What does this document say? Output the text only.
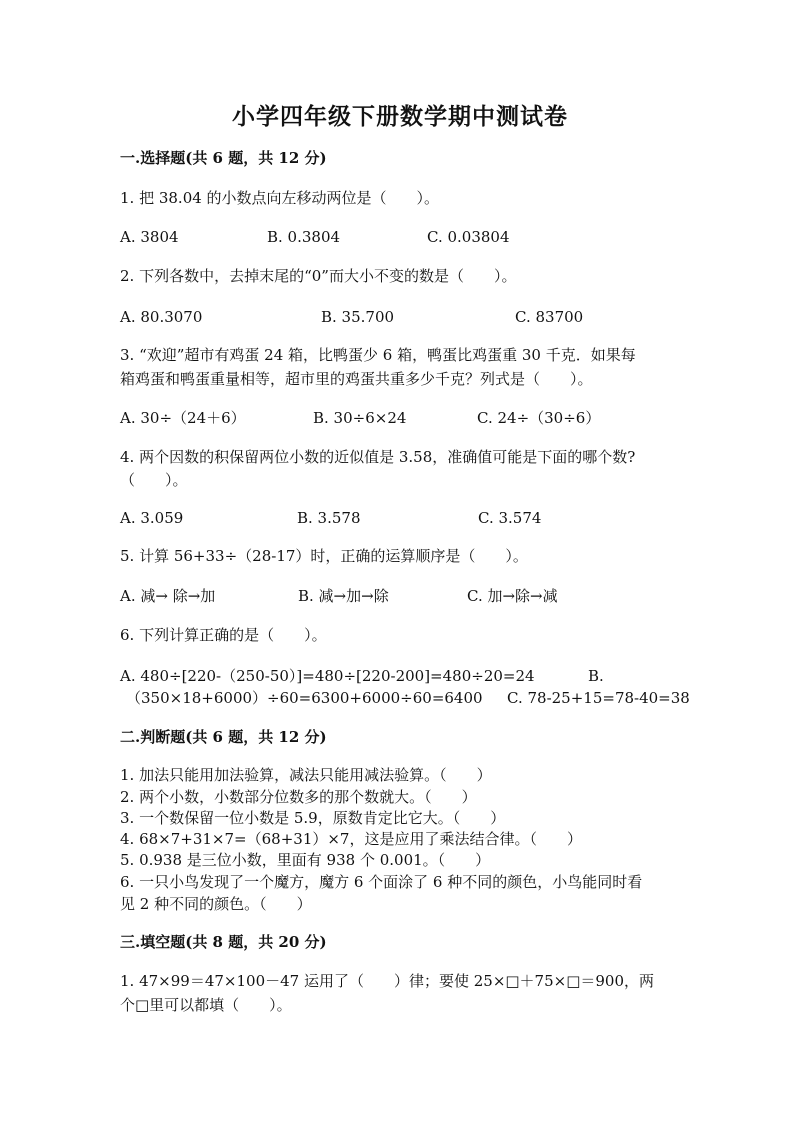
小学四年级下册数学期中测试卷
一.选择题(共 6 题，共 12 分)
1. 把 38.04 的小数点向左移动两位是（　　）。
A. 3804	B. 0.3804	C. 0.03804
2. 下列各数中，去掉末尾的“0”而大小不变的数是（　　）。
A. 80.3070	B. 35.700	C. 83700
3. “欢迎”超市有鸡蛋 24 箱，比鸭蛋少 6 箱，鸭蛋比鸡蛋重 30 千克．如果每
箱鸡蛋和鸭蛋重量相等，超市里的鸡蛋共重多少千克？列式是（　　）。
A. 30÷（24＋6）	B. 30÷6×24	C. 24÷（30÷6）
4. 两个因数的积保留两位小数的近似值是 3.58，准确值可能是下面的哪个数?
（　　）。
A. 3.059	B. 3.578	C. 3.574
5. 计算 56+33÷（28-17）时，正确的运算顺序是（　　）。
A. 减→ 除→加	B. 减→加→除	C. 加→除→减
6. 下列计算正确的是（　　）。
A. 480÷[220-（250-50）]=480÷[220-200]=480÷20=24	B.
（350×18+6000）÷60=6300+6000÷60=6400 C. 78-25+15=78-40=38
二.判断题(共 6 题，共 12 分)
1. 加法只能用加法验算，减法只能用减法验算。（　　）
2. 两个小数，小数部分位数多的那个数就大。（　　）
3. 一个数保留一位小数是 5.9，原数肯定比它大。（　　）
4. 68×7+31×7=（68+31）×7，这是应用了乘法结合律。（　　）
5. 0.938 是三位小数，里面有 938 个 0.001。（　　）
6. 一只小鸟发现了一个魔方，魔方 6 个面涂了 6 种不同的颜色，小鸟能同时看
见 2 种不同的颜色。（　　）
三.填空题(共 8 题，共 20 分)
1. 47×99＝47×100－47 运用了（　　）律；要使 25×□＋75×□＝900，两
个□里可以都填（　　）。
